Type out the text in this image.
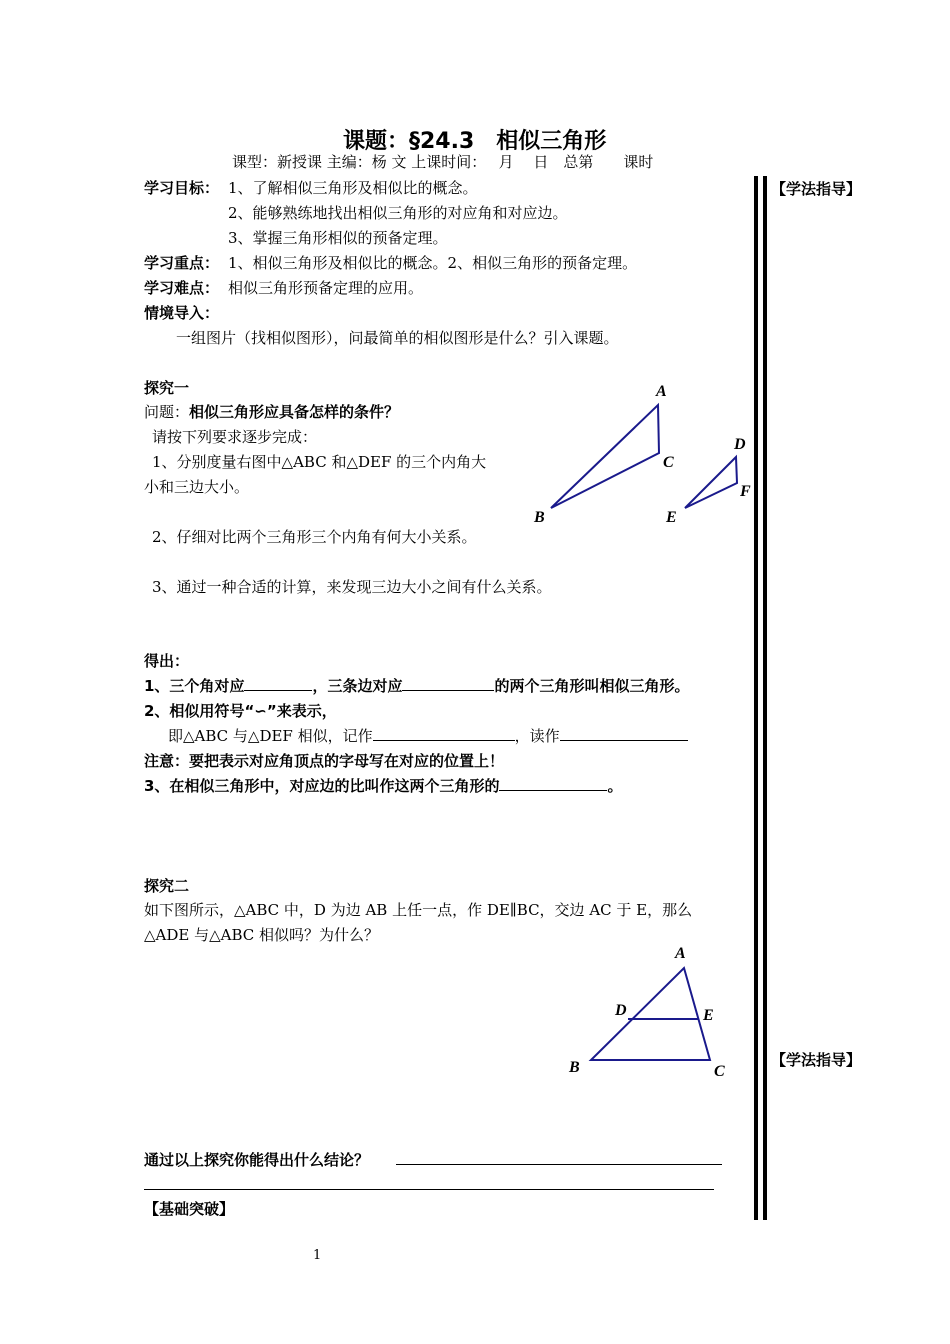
课题：§24.3　相似三角形
课型：新授课 主编：杨 文 上课时间：　 月　 日　总第　　课时
【学法指导】
【学法指导】
学习目标： 1、了解相似三角形及相似比的概念。
2、能够熟练地找出相似三角形的对应角和对应边。
3、掌握三角形相似的预备定理。
学习重点： 1、相似三角形及相似比的概念。2、相似三角形的预备定理。
学习难点： 相似三角形预备定理的应用。
情境导入：
一组图片（找相似图形），问最简单的相似图形是什么？引入课题。
探究一
问题：相似三角形应具备怎样的条件？
请按下列要求逐步完成：
1、分别度量右图中△ABC 和△DEF 的三个内角大
小和三边大小。
2、仔细对比两个三角形三个内角有何大小关系。
3、通过一种合适的计算，来发现三边大小之间有什么关系。
A
C
B
D
F
E
得出：
1、三个角对应	，三条边对应	的两个三角形叫相似三角形。
2、相似用符号“∽”来表示，
即△ABC 与△DEF 相似，记作	，读作
注意：要把表示对应角顶点的字母写在对应的位置上！
3、在相似三角形中，对应边的比叫作这两个三角形的	。
探究二
如下图所示，△ABC 中，D 为边 AB 上任一点，作 DE∥BC，交边 AC 于 E，那么
△ADE 与△ABC 相似吗？为什么？
A
D	E
B	C
通过以上探究你能得出什么结论？
【基础突破】
1
